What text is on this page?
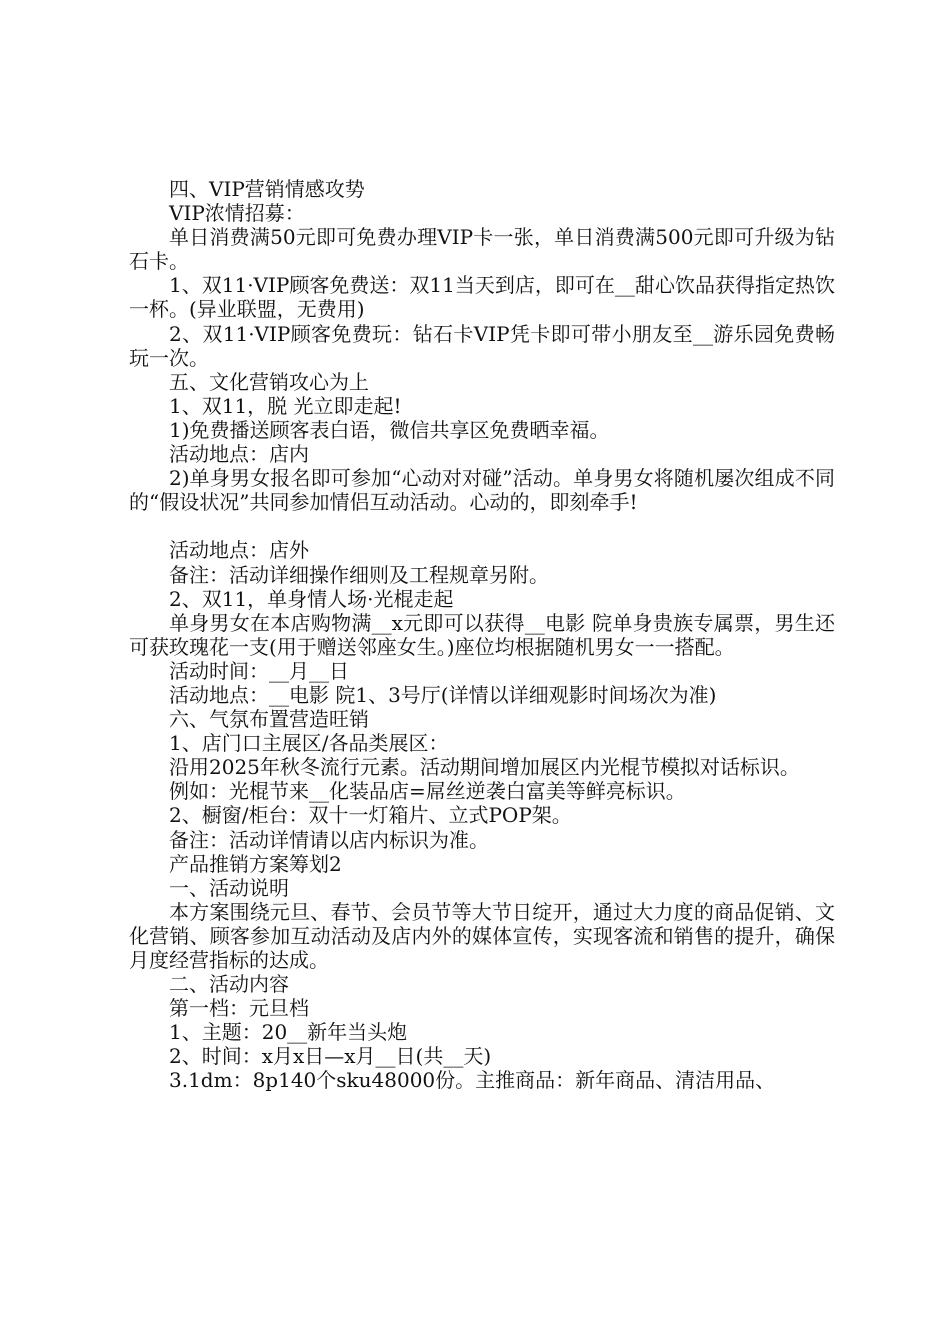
四、VIP营销情感攻势
VIP浓情招募：
单日消费满50元即可免费办理VIP卡一张，单日消费满500元即可升级为钻石卡。
1、双11·VIP顾客免费送：双11当天到店，即可在__甜心饮品获得指定热饮一杯。(异业联盟，无费用)
2、双11·VIP顾客免费玩：钻石卡VIP凭卡即可带小朋友至__游乐园免费畅玩一次。
五、文化营销攻心为上
1、双11，脱 光立即走起!
1)免费播送顾客表白语，微信共享区免费晒幸福。
活动地点：店内
2)单身男女报名即可参加“心动对对碰”活动。单身男女将随机屡次组成不同的“假设状况”共同参加情侣互动活动。心动的，即刻牵手!
活动地点：店外
备注：活动详细操作细则及工程规章另附。
2、双11，单身情人场·光棍走起
单身男女在本店购物满__x元即可以获得__电影 院单身贵族专属票，男生还可获玫瑰花一支(用于赠送邻座女生。)座位均根据随机男女一一搭配。
活动时间：__月__日
活动地点：__电影 院1、3号厅(详情以详细观影时间场次为准)
六、气氛布置营造旺销
1、店门口主展区/各品类展区：
沿用2025年秋冬流行元素。活动期间增加展区内光棍节模拟对话标识。
例如：光棍节来__化装品店=屌丝逆袭白富美等鲜亮标识。
2、橱窗/柜台：双十一灯箱片、立式POP架。
备注：活动详情请以店内标识为准。
产品推销方案筹划2
一、活动说明
本方案围绕元旦、春节、会员节等大节日绽开，通过大力度的商品促销、文化营销、顾客参加互动活动及店内外的媒体宣传，实现客流和销售的提升，确保月度经营指标的达成。
二、活动内容
第一档：元旦档
1、主题：20__新年当头炮
2、时间：x月x日—x月__日(共__天)
3.1dm：8p140个sku48000份。主推商品：新年商品、清洁用品、
